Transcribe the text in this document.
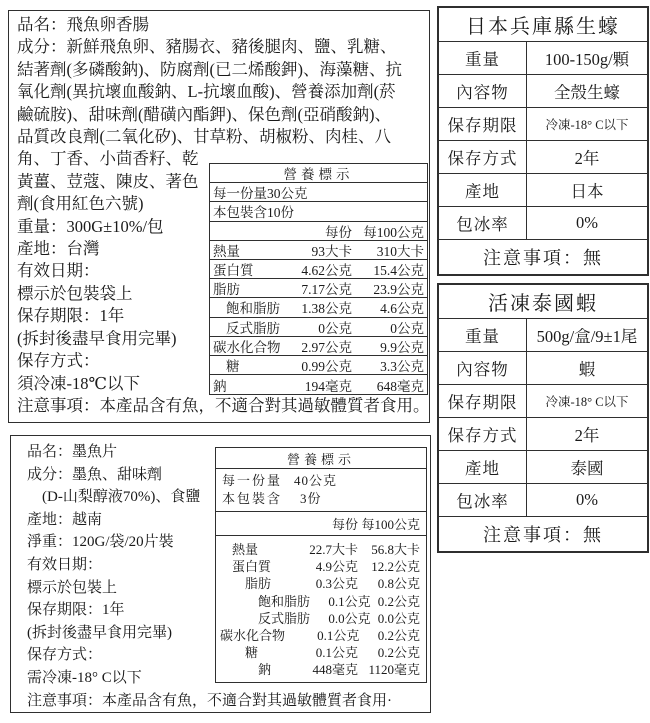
品名：飛魚卵香腸
成分：新鮮飛魚卵、豬腸衣、豬後腿肉、鹽、乳糖、
結著劑(多磷酸鈉)、防腐劑(已二烯酸鉀)、海藻糖、抗
氧化劑(異抗壞血酸鈉、L-抗壞血酸)、營養添加劑(菸
鹼硫胺)、甜味劑(醋磺內酯鉀)、保色劑(亞硝酸鈉)、
品質改良劑(二氧化矽)、甘草粉、胡椒粉、肉桂、八
角、丁香、小茴香籽、乾
黃薑、荳蔻、陳皮、著色
劑(食用紅色六號)
重量：300G±10%/包
產地：台灣
有效日期：
標示於包裝袋上
保存期限：1年
(拆封後盡早食用完畢)
保存方式：
須冷凍-18℃以下
注意事項：本產品含有魚，不適合對其過敏體質者食用。
營養標示
每一份量30公克
本包裝含10份
每份 每100公克
熱量	93大卡	310大卡
蛋白質	4.62公克	15.4公克
脂肪	7.17公克	23.9公克
飽和脂肪	1.38公克	4.6公克
反式脂肪	0公克	0公克
碳水化合物	2.97公克	9.9公克
糖	0.99公克	3.3公克
鈉	194毫克	648毫克
品名：墨魚片
成分：墨魚、甜味劑
　(D-山梨醇液70%)、食鹽
產地：越南
淨重：120G/袋/20片裝
有效日期：
標示於包裝上
保存期限：1年
(拆封後盡早食用完畢)
保存方式：
需冷凍-18° C以下
注意事項：本產品含有魚，不適合對其過敏體質者食用·
營養標示
每一份量 40公克
本包裝含 3份
每份 每100公克
熱量	22.7大卡	56.8大卡
蛋白質	4.9公克	12.2公克
脂肪	0.3公克	0.8公克
飽和脂肪	0.1公克 0.2公克
反式脂肪	0.0公克 0.0公克
碳水化合物	0.1公克	0.2公克
糖	0.1公克	0.2公克
鈉	448毫克 1120毫克
日本兵庫縣生蠔
重量	100-150g/顆
內容物	全殼生蠔
保存期限	冷凍-18° C以下
保存方式	2年
產地	日本
包冰率	0%
注意事項：無
活凍泰國蝦
重量	500g/盒/9±1尾
內容物	蝦
保存期限	冷凍-18° C以下
保存方式	2年
產地	泰國
包冰率	0%
注意事項：無
